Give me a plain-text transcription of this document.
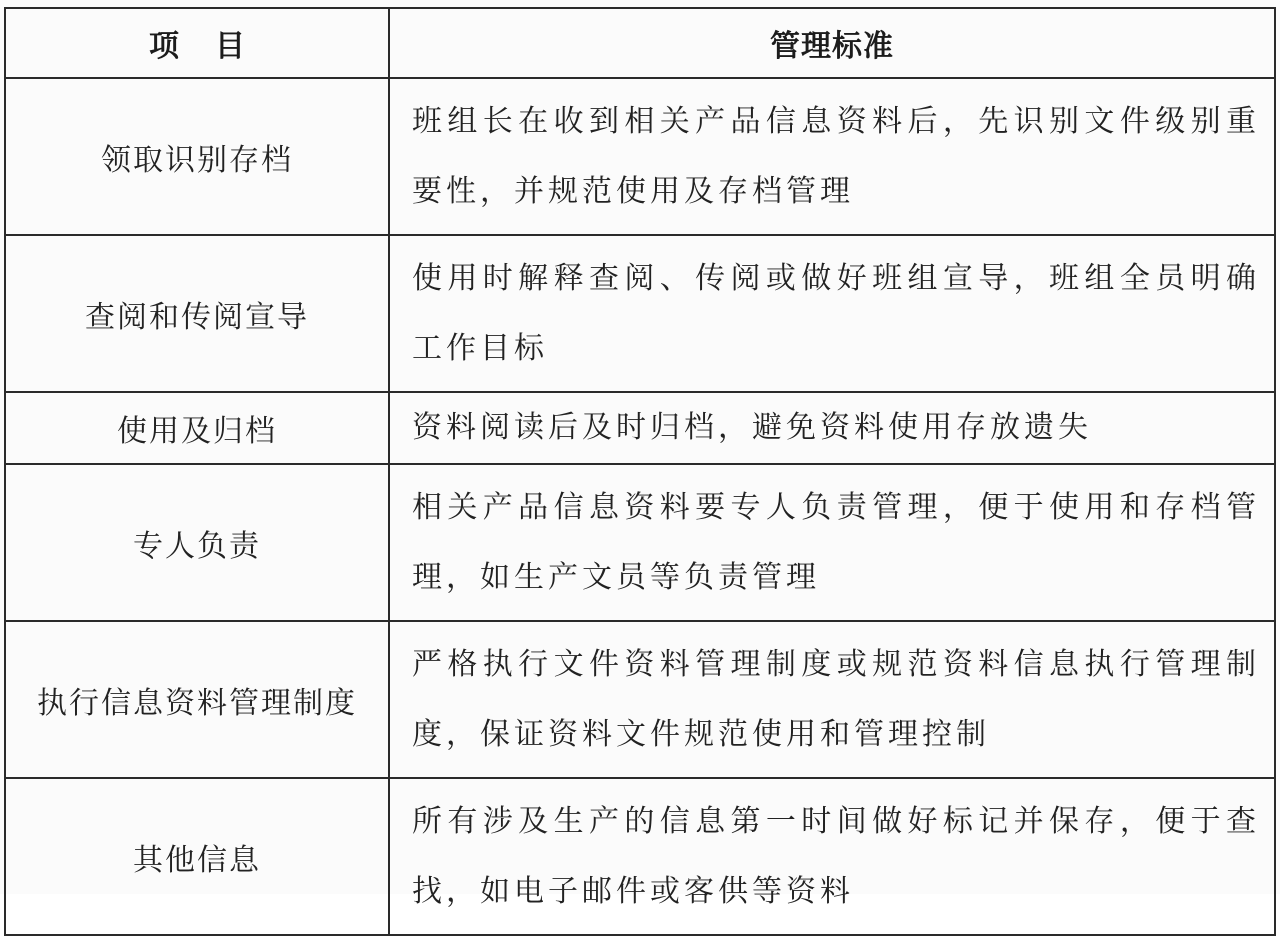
项目	管理标准
领取识别存档	班组长在收到相关产品信息资料后，先识别文件级别重要性，并规范使用及存档管理
查阅和传阅宣导	使用时解释查阅、传阅或做好班组宣导，班组全员明确工作目标
使用及归档	资料阅读后及时归档，避免资料使用存放遗失
专人负责	相关产品信息资料要专人负责管理，便于使用和存档管理，如生产文员等负责管理
执行信息资料管理制度	严格执行文件资料管理制度或规范资料信息执行管理制度，保证资料文件规范使用和管理控制
其他信息	所有涉及生产的信息第一时间做好标记并保存，便于查找，如电子邮件或客供等资料
